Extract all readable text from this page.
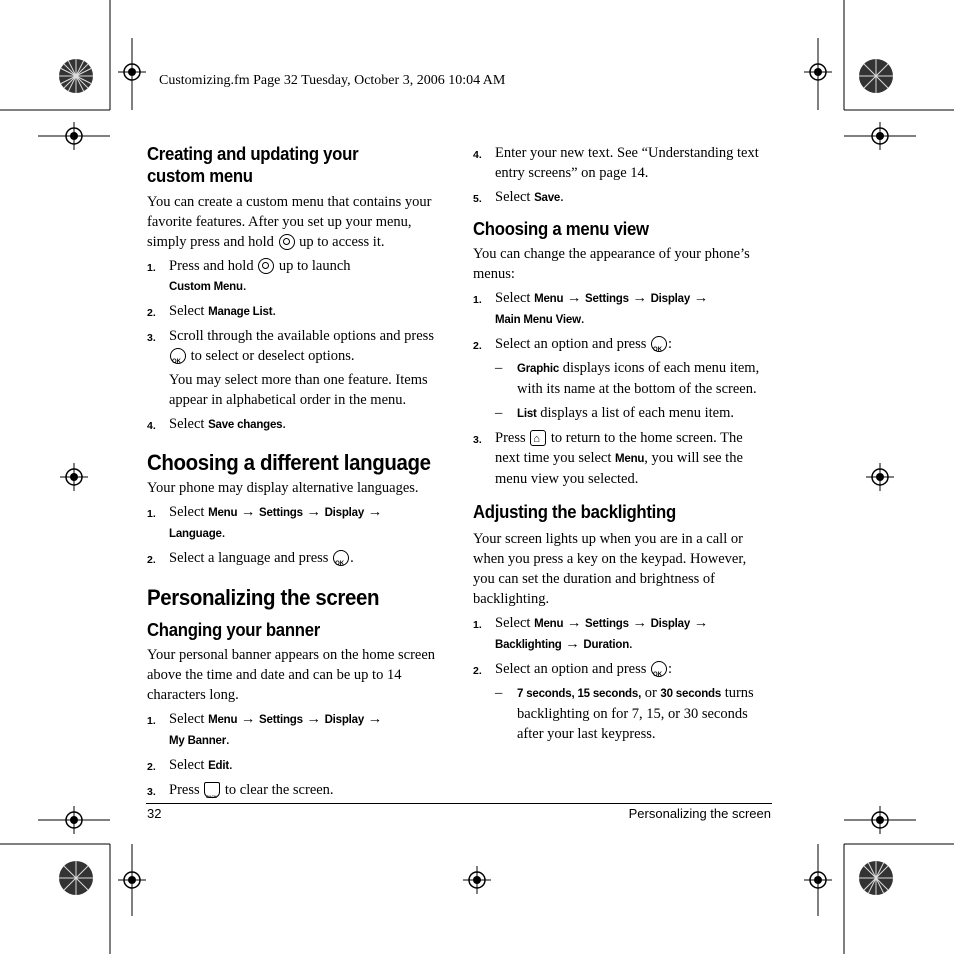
Customizing.fm Page 32 Tuesday, October 3, 2006 10:04 AM
Creating and updating your
custom menu
You can create a custom menu that contains your favorite features. After you set up your menu, simply press and hold up to access it.
1. Press and hold up to launch
Custom Menu.
2. Select Manage List.
3. Scroll through the available options and press OK to select or deselect options.
You may select more than one feature. Items appear in alphabetical order in the menu.
4. Select Save changes.
Choosing a different language
Your phone may display alternative languages.
1. Select Menu → Settings → Display →
Language.
2. Select a language and press OK .
Personalizing the screen
Changing your banner
Your personal banner appears on the home screen above the time and date and can be up to 14 characters long.
1. Select Menu → Settings → Display →
My Banner.
2. Select Edit.
3. Press BACK to clear the screen.
4. Enter your new text. See “Understanding text entry screens” on page 14.
5. Select Save.
Choosing a menu view
You can change the appearance of your phone’s menus:
1. Select Menu → Settings → Display →
Main Menu View.
2. Select an option and press OK :
– Graphic displays icons of each menu item, with its name at the bottom of the screen.
– List displays a list of each menu item.
3. Press ⌂ to return to the home screen. The next time you select Menu, you will see the menu view you selected.
Adjusting the backlighting
Your screen lights up when you are in a call or when you press a key on the keypad. However, you can set the duration and brightness of backlighting.
1. Select Menu → Settings → Display →
Backlighting → Duration.
2. Select an option and press OK :
– 7 seconds, 15 seconds, or 30 seconds turns backlighting on for 7, 15, or 30 seconds after your last keypress.
32	Personalizing the screen
